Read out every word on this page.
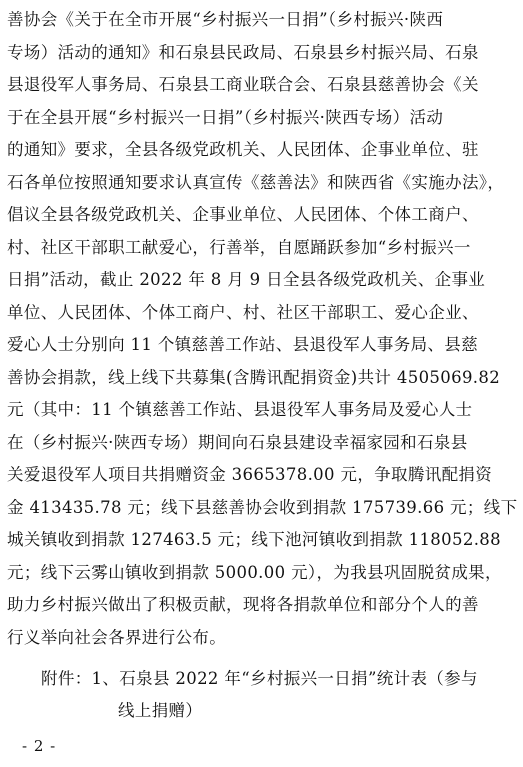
善协会《关于在全市开展“乡村振兴一日捐”（乡村振兴·陕西
专场）活动的通知》和石泉县民政局、石泉县乡村振兴局、石泉
县退役军人事务局、石泉县工商业联合会、石泉县慈善协会《关
于在全县开展“乡村振兴一日捐”（乡村振兴·陕西专场）活动
的通知》要求，全县各级党政机关、人民团体、企事业单位、驻
石各单位按照通知要求认真宣传《慈善法》和陕西省《实施办法》，
倡议全县各级党政机关、企事业单位、人民团体、个体工商户、
村、社区干部职工献爱心，行善举，自愿踊跃参加“乡村振兴一
日捐”活动，截止 2022 年 8 月 9 日全县各级党政机关、企事业
单位、人民团体、个体工商户、村、社区干部职工、爱心企业、
爱心人士分别向 11 个镇慈善工作站、县退役军人事务局、县慈
善协会捐款，线上线下共募集(含腾讯配捐资金)共计 4505069.82
元（其中：11 个镇慈善工作站、县退役军人事务局及爱心人士
在（乡村振兴·陕西专场）期间向石泉县建设幸福家园和石泉县
关爱退役军人项目共捐赠资金 3665378.00 元，争取腾讯配捐资
金 413435.78 元；线下县慈善协会收到捐款 175739.66 元；线下
城关镇收到捐款 127463.5 元；线下池河镇收到捐款 118052.88
元；线下云雾山镇收到捐款 5000.00 元），为我县巩固脱贫成果，
助力乡村振兴做出了积极贡献，现将各捐款单位和部分个人的善
行义举向社会各界进行公布。
附件：1、石泉县 2022 年“乡村振兴一日捐”统计表（参与
线上捐赠）
- 2 -
